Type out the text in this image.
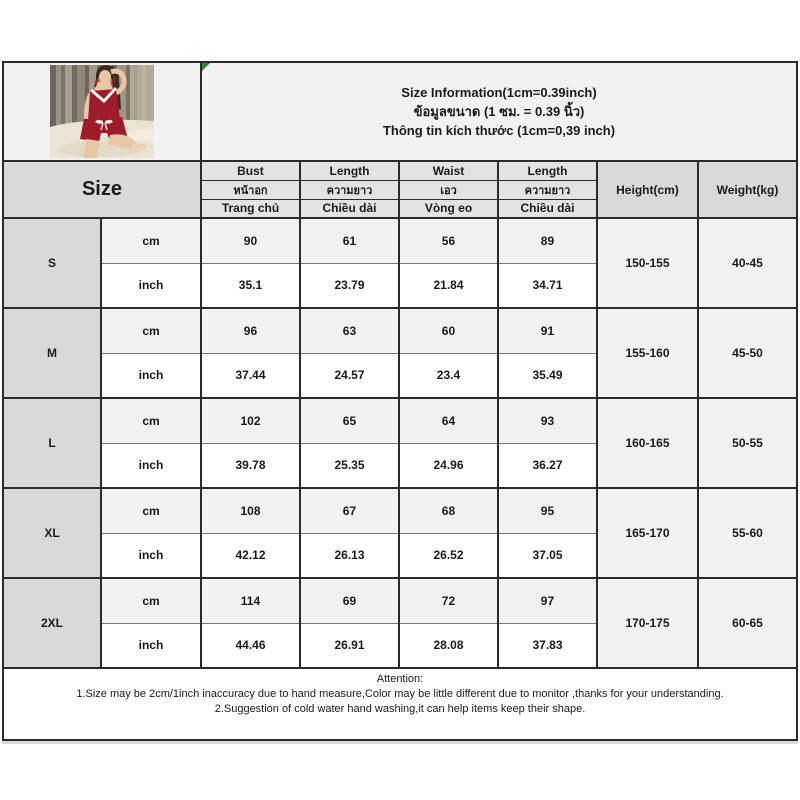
Size Information(1cm=0.39inch)
ข้อมูลขนาด (1 ซม. = 0.39 นิ้ว)
Thông tin kích thước (1cm=0,39 inch)					

Size		Bust	Length	Waist	Length	Height(cm)	Weight(kg)
		หน้าอก	ความยาว	เอว	ความยาว		
		Trang chủ	Chiều dài	Vòng eo	Chiều dài		
S	cm	90	61	56	89	150-155	40-45
	inch	35.1	23.79	21.84	34.71		
M	cm	96	63	60	91	155-160	45-50
	inch	37.44	24.57	23.4	35.49		
L	cm	102	65	64	93	160-165	50-55
	inch	39.78	25.35	24.96	36.27		
XL	cm	108	67	68	95	165-170	55-60
	inch	42.12	26.13	26.52	37.05		
2XL	cm	114	69	72	97	170-175	60-65
	inch	44.46	26.91	28.08	37.83		

Attention:
1.Size may be 2cm/1inch inaccuracy due to hand measure,Color may be little different due to monitor ,thanks for your understanding.
2.Suggestion of cold water hand washing,it can help items keep their shape.							
